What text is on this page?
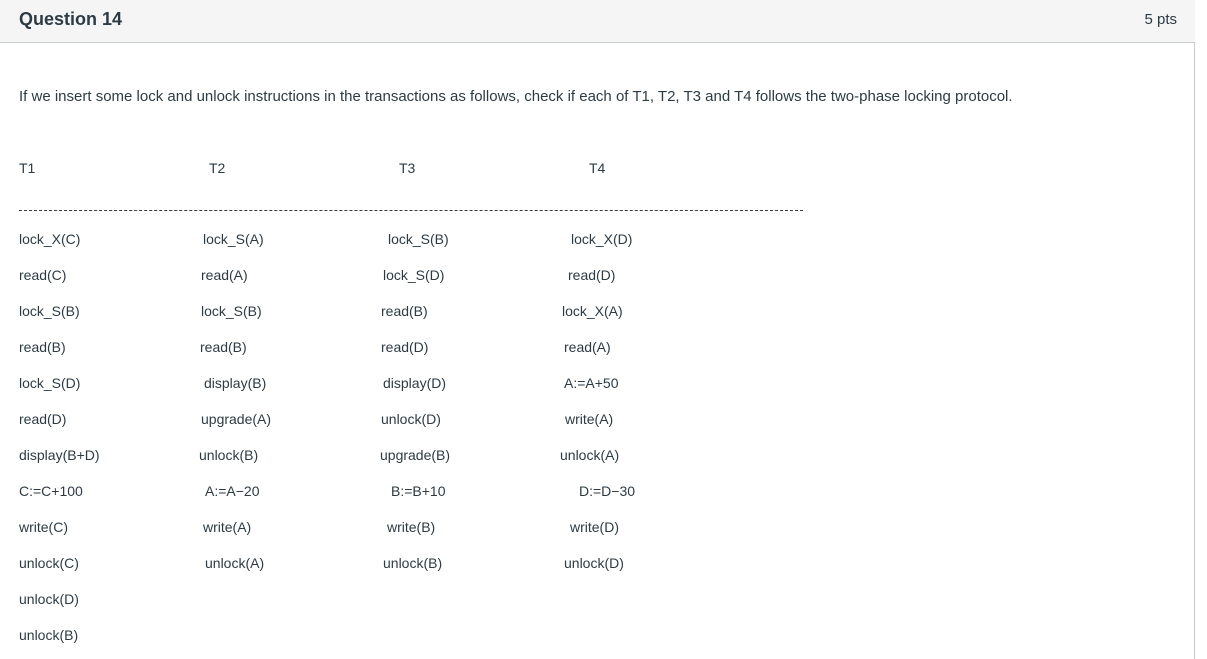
Question 14	5 pts
If we insert some lock and unlock instructions in the transactions as follows, check if each of T1, T2, T3 and T4 follows the two-phase locking protocol.
T1	T2	T3	T4
lock_X(C)	lock_S(A)	lock_S(B)	lock_X(D)
read(C)	read(A)	lock_S(D)	read(D)
lock_S(B)	lock_S(B)	read(B)	lock_X(A)
read(B)	read(B)	read(D)	read(A)
lock_S(D)	display(B)	display(D)	A:=A+50
read(D)	upgrade(A)	unlock(D)	write(A)
display(B+D)	unlock(B)	upgrade(B)	unlock(A)
C:=C+100	A:=A−20	B:=B+10	D:=D−30
write(C)	write(A)	write(B)	write(D)
unlock(C)	unlock(A)	unlock(B)	unlock(D)
unlock(D)
unlock(B)
